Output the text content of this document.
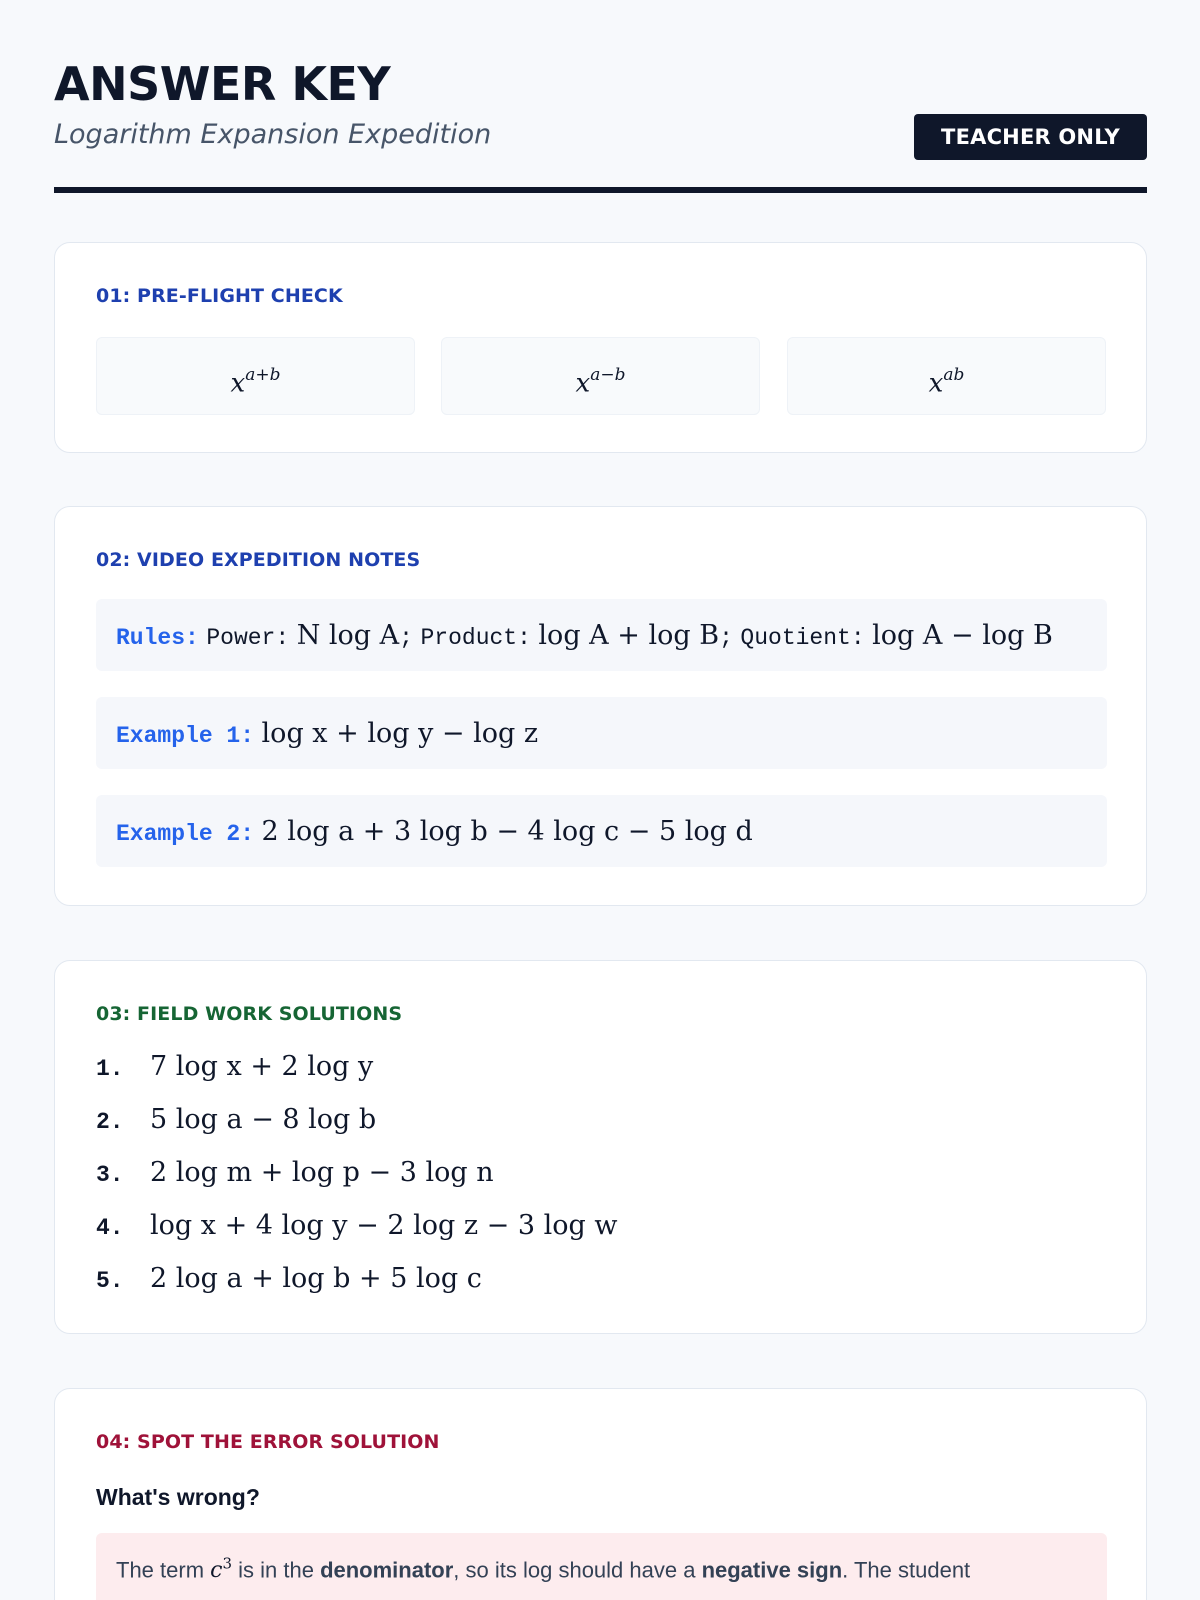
ANSWER KEY
Logarithm Expansion Expedition	TEACHER ONLY
01: PRE-FLIGHT CHECK
$x^{a+b}$	$x^{a-b}$	$x^{ab}$
02: VIDEO EXPEDITION NOTES
Rules: Power: N log A; Product: log A + log B; Quotient: log A − log B
Example 1: log x + log y − log z
Example 2: 2 log a + 3 log b − 4 log c − 5 log d
03: FIELD WORK SOLUTIONS
1. 7 log x + 2 log y
2. 5 log a − 8 log b
3. 2 log m + log p − 3 log n
4. log x + 4 log y − 2 log z − 3 log w
5. 2 log a + log b + 5 log c
04: SPOT THE ERROR SOLUTION
What's wrong?
The term $c^3$ is in the denominator, so its log should have a negative sign. The student
